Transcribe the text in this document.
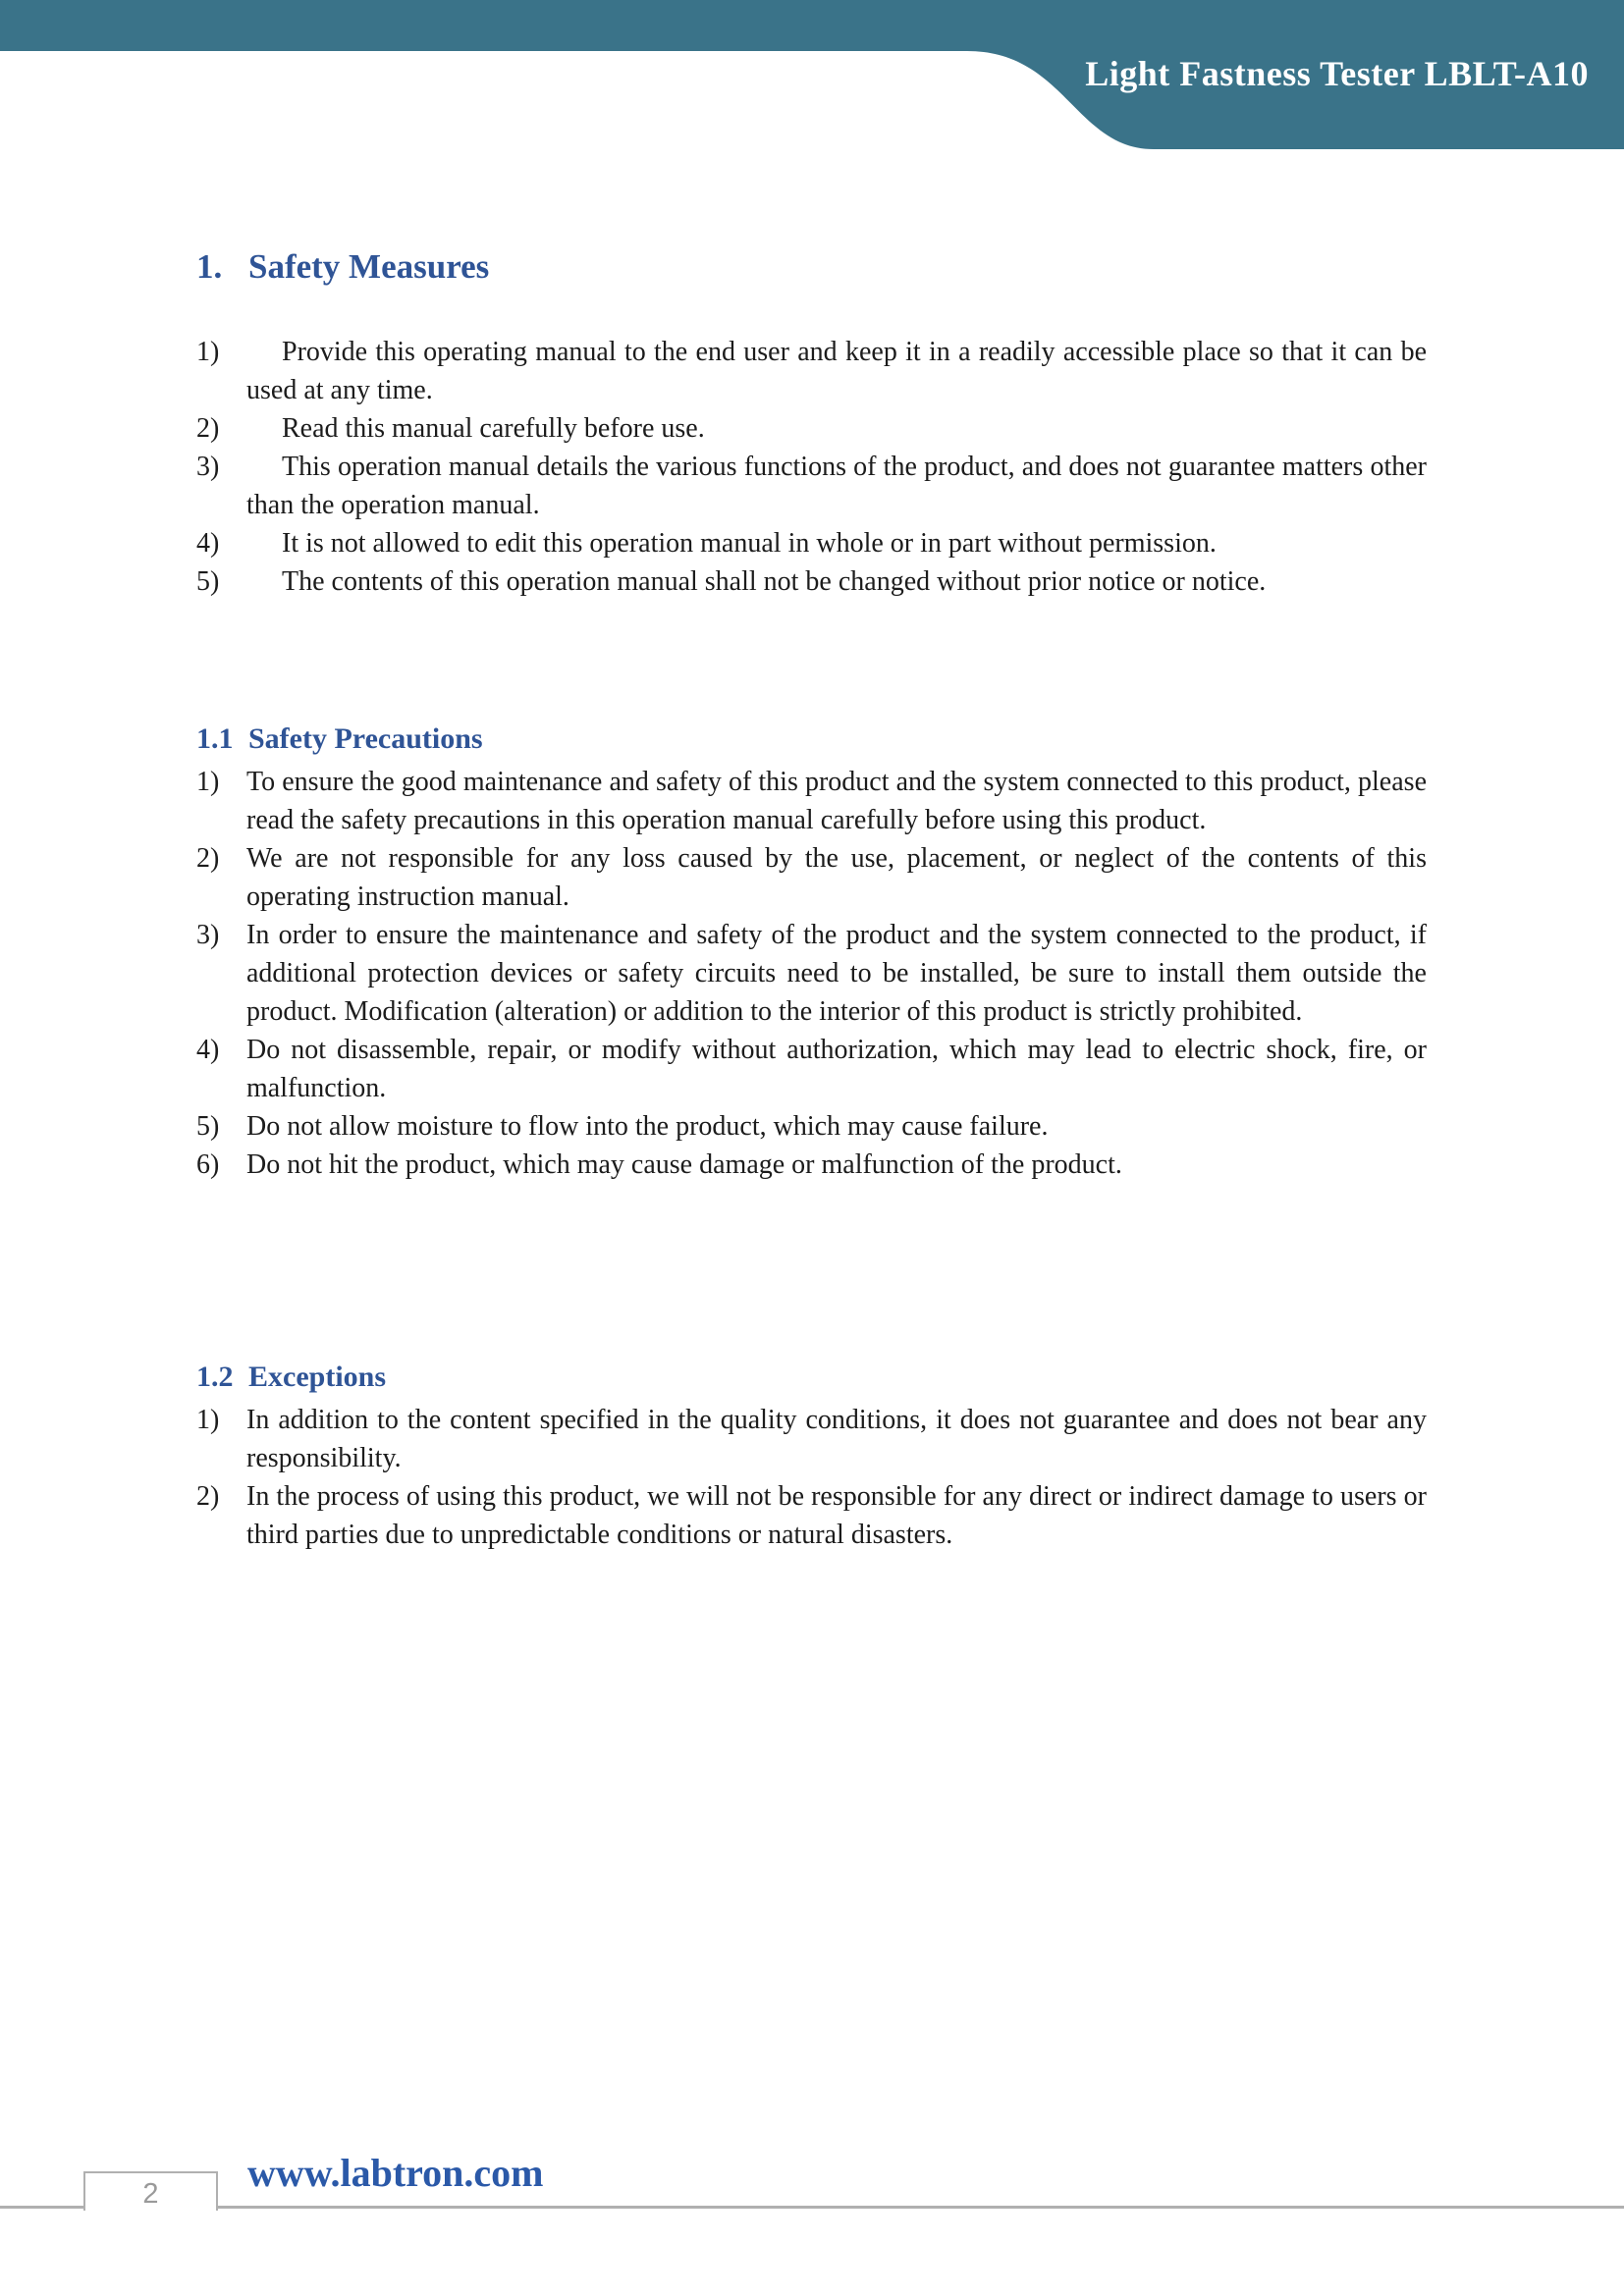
Light Fastness Tester LBLT-A10
1. Safety Measures
1) Provide this operating manual to the end user and keep it in a readily accessible place so that it can be used at any time.
2) Read this manual carefully before use.
3) This operation manual details the various functions of the product, and does not guarantee matters other than the operation manual.
4) It is not allowed to edit this operation manual in whole or in part without permission.
5) The contents of this operation manual shall not be changed without prior notice or notice.
1.1 Safety Precautions
1) To ensure the good maintenance and safety of this product and the system connected to this product, please read the safety precautions in this operation manual carefully before using this product.
2) We are not responsible for any loss caused by the use, placement, or neglect of the contents of this operating instruction manual.
3) In order to ensure the maintenance and safety of the product and the system connected to the product, if additional protection devices or safety circuits need to be installed, be sure to install them outside the product. Modification (alteration) or addition to the interior of this product is strictly prohibited.
4) Do not disassemble, repair, or modify without authorization, which may lead to electric shock, fire, or malfunction.
5) Do not allow moisture to flow into the product, which may cause failure.
6) Do not hit the product, which may cause damage or malfunction of the product.
1.2 Exceptions
1) In addition to the content specified in the quality conditions, it does not guarantee and does not bear any responsibility.
2) In the process of using this product, we will not be responsible for any direct or indirect damage to users or third parties due to unpredictable conditions or natural disasters.
www.labtron.com
2
